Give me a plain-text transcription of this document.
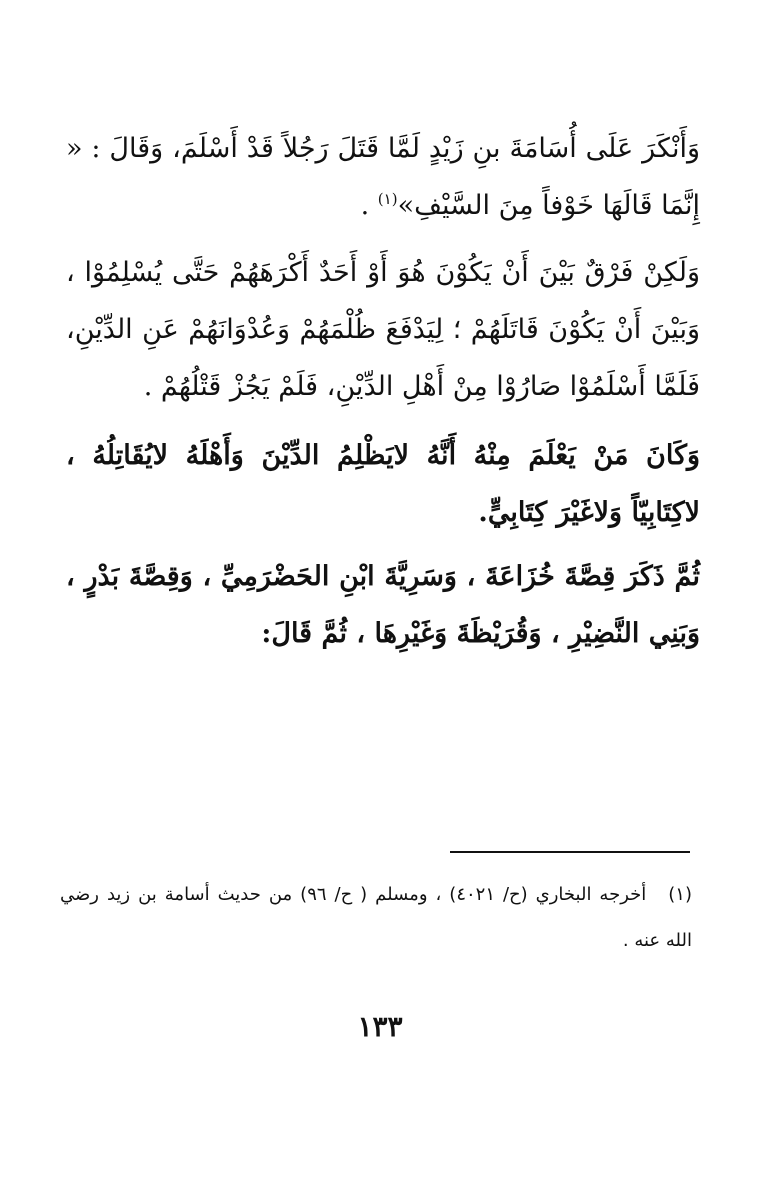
وَأَنْكَرَ عَلَى أُسَامَةَ بنِ زَيْدٍ لَمَّا قَتَلَ رَجُلاً قَدْ أَسْلَمَ، وَقَالَ : « إِنَّمَا قَالَهَا خَوْفاً مِنَ السَّيْفِ»$^{(١)}$ .

وَلَكِنْ فَرْقٌ بَيْنَ أَنْ يَكُوْنَ هُوَ أَوْ أَحَدٌ أَكْرَهَهُمْ حَتَّى يُسْلِمُوْا ، وَبَيْنَ أَنْ يَكُوْنَ قَاتَلَهُمْ ؛ لِيَدْفَعَ ظُلْمَهُمْ وَعُدْوَانَهُمْ عَنِ الدِّيْنِ، فَلَمَّا أَسْلَمُوْا صَارُوْا مِنْ أَهْلِ الدِّيْنِ، فَلَمْ يَجُزْ قَتْلُهُمْ .

وَكَانَ مَنْ يَعْلَمَ مِنْهُ أَنَّهُ لايَظْلِمُ الدِّيْنَ وَأَهْلَهُ لايُقَاتِلُهُ ، لاكِتَابِيّاً وَلاغَيْرَ كِتَابِيٍّ.

ثُمَّ ذَكَرَ قِصَّةَ خُزَاعَةَ ، وَسَرِيَّةَ ابْنِ الحَضْرَمِيِّ ، وَقِصَّةَ بَدْرٍ ، وَبَنِي النَّضِيْرِ ، وَقُرَيْظَةَ وَغَيْرِهَا ، ثُمَّ قَالَ:

(١)أخرجه البخاري (ح/ ٤٠٢١) ، ومسلم ( ح/ ٩٦) من حديث أسامة بن زيد رضي الله عنه .
١٣٣
